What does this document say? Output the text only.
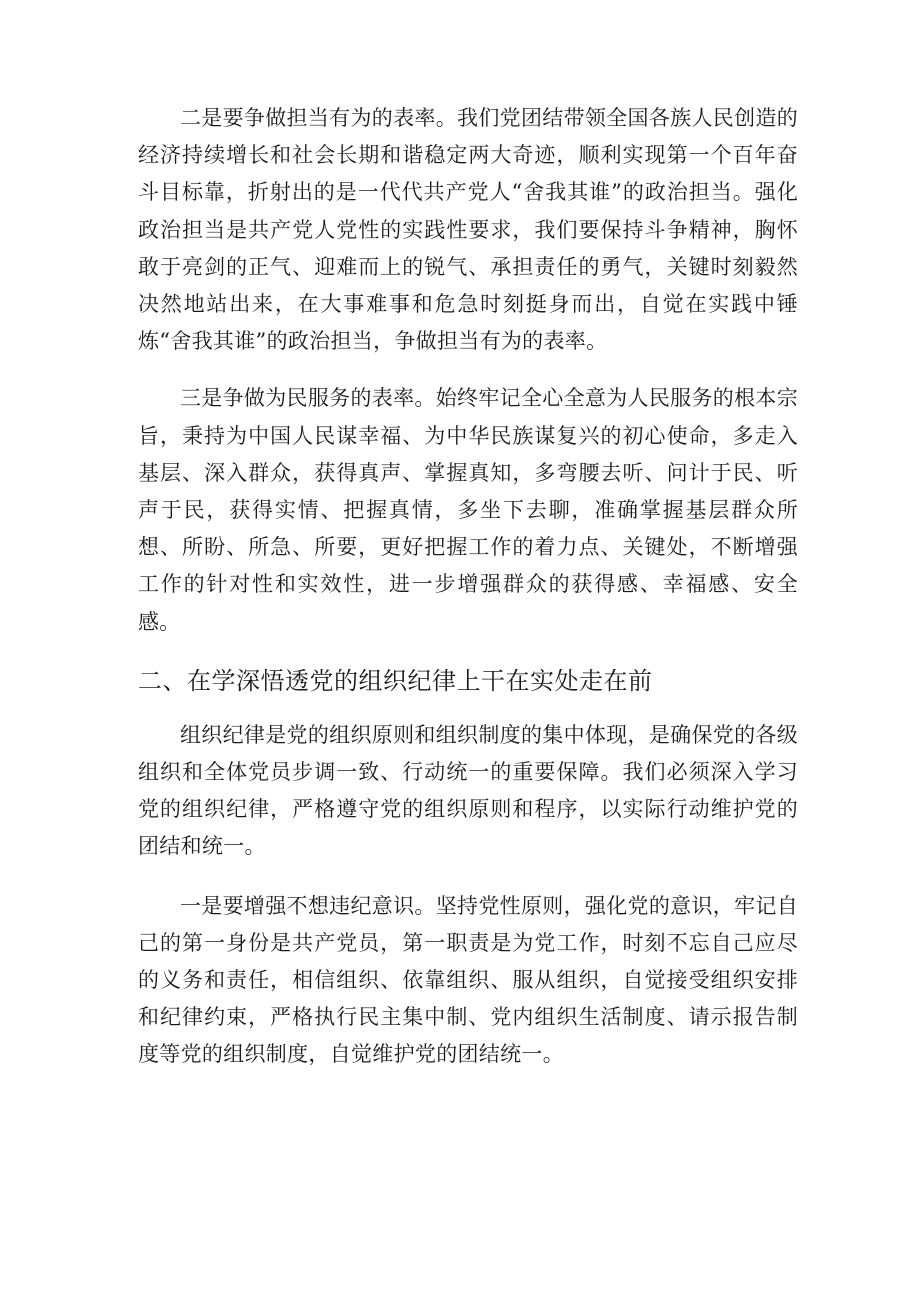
二是要争做担当有为的表率。我们党团结带领全国各族人民创造的经济持续增长和社会长期和谐稳定两大奇迹，顺利实现第一个百年奋斗目标靠，折射出的是一代代共产党人“舍我其谁”的政治担当。强化政治担当是共产党人党性的实践性要求，我们要保持斗争精神，胸怀敢于亮剑的正气、迎难而上的锐气、承担责任的勇气，关键时刻毅然决然地站出来，在大事难事和危急时刻挺身而出，自觉在实践中锤炼“舍我其谁”的政治担当，争做担当有为的表率。

三是争做为民服务的表率。始终牢记全心全意为人民服务的根本宗旨，秉持为中国人民谋幸福、为中华民族谋复兴的初心使命，多走入基层、深入群众，获得真声、掌握真知，多弯腰去听、问计于民、听声于民，获得实情、把握真情，多坐下去聊，准确掌握基层群众所想、所盼、所急、所要，更好把握工作的着力点、关键处，不断增强工作的针对性和实效性，进一步增强群众的获得感、幸福感、安全感。

二、在学深悟透党的组织纪律上干在实处走在前

组织纪律是党的组织原则和组织制度的集中体现，是确保党的各级组织和全体党员步调一致、行动统一的重要保障。我们必须深入学习党的组织纪律，严格遵守党的组织原则和程序，以实际行动维护党的团结和统一。

一是要增强不想违纪意识。坚持党性原则，强化党的意识，牢记自己的第一身份是共产党员，第一职责是为党工作，时刻不忘自己应尽的义务和责任，相信组织、依靠组织、服从组织，自觉接受组织安排和纪律约束，严格执行民主集中制、党内组织生活制度、请示报告制度等党的组织制度，自觉维护党的团结统一。
